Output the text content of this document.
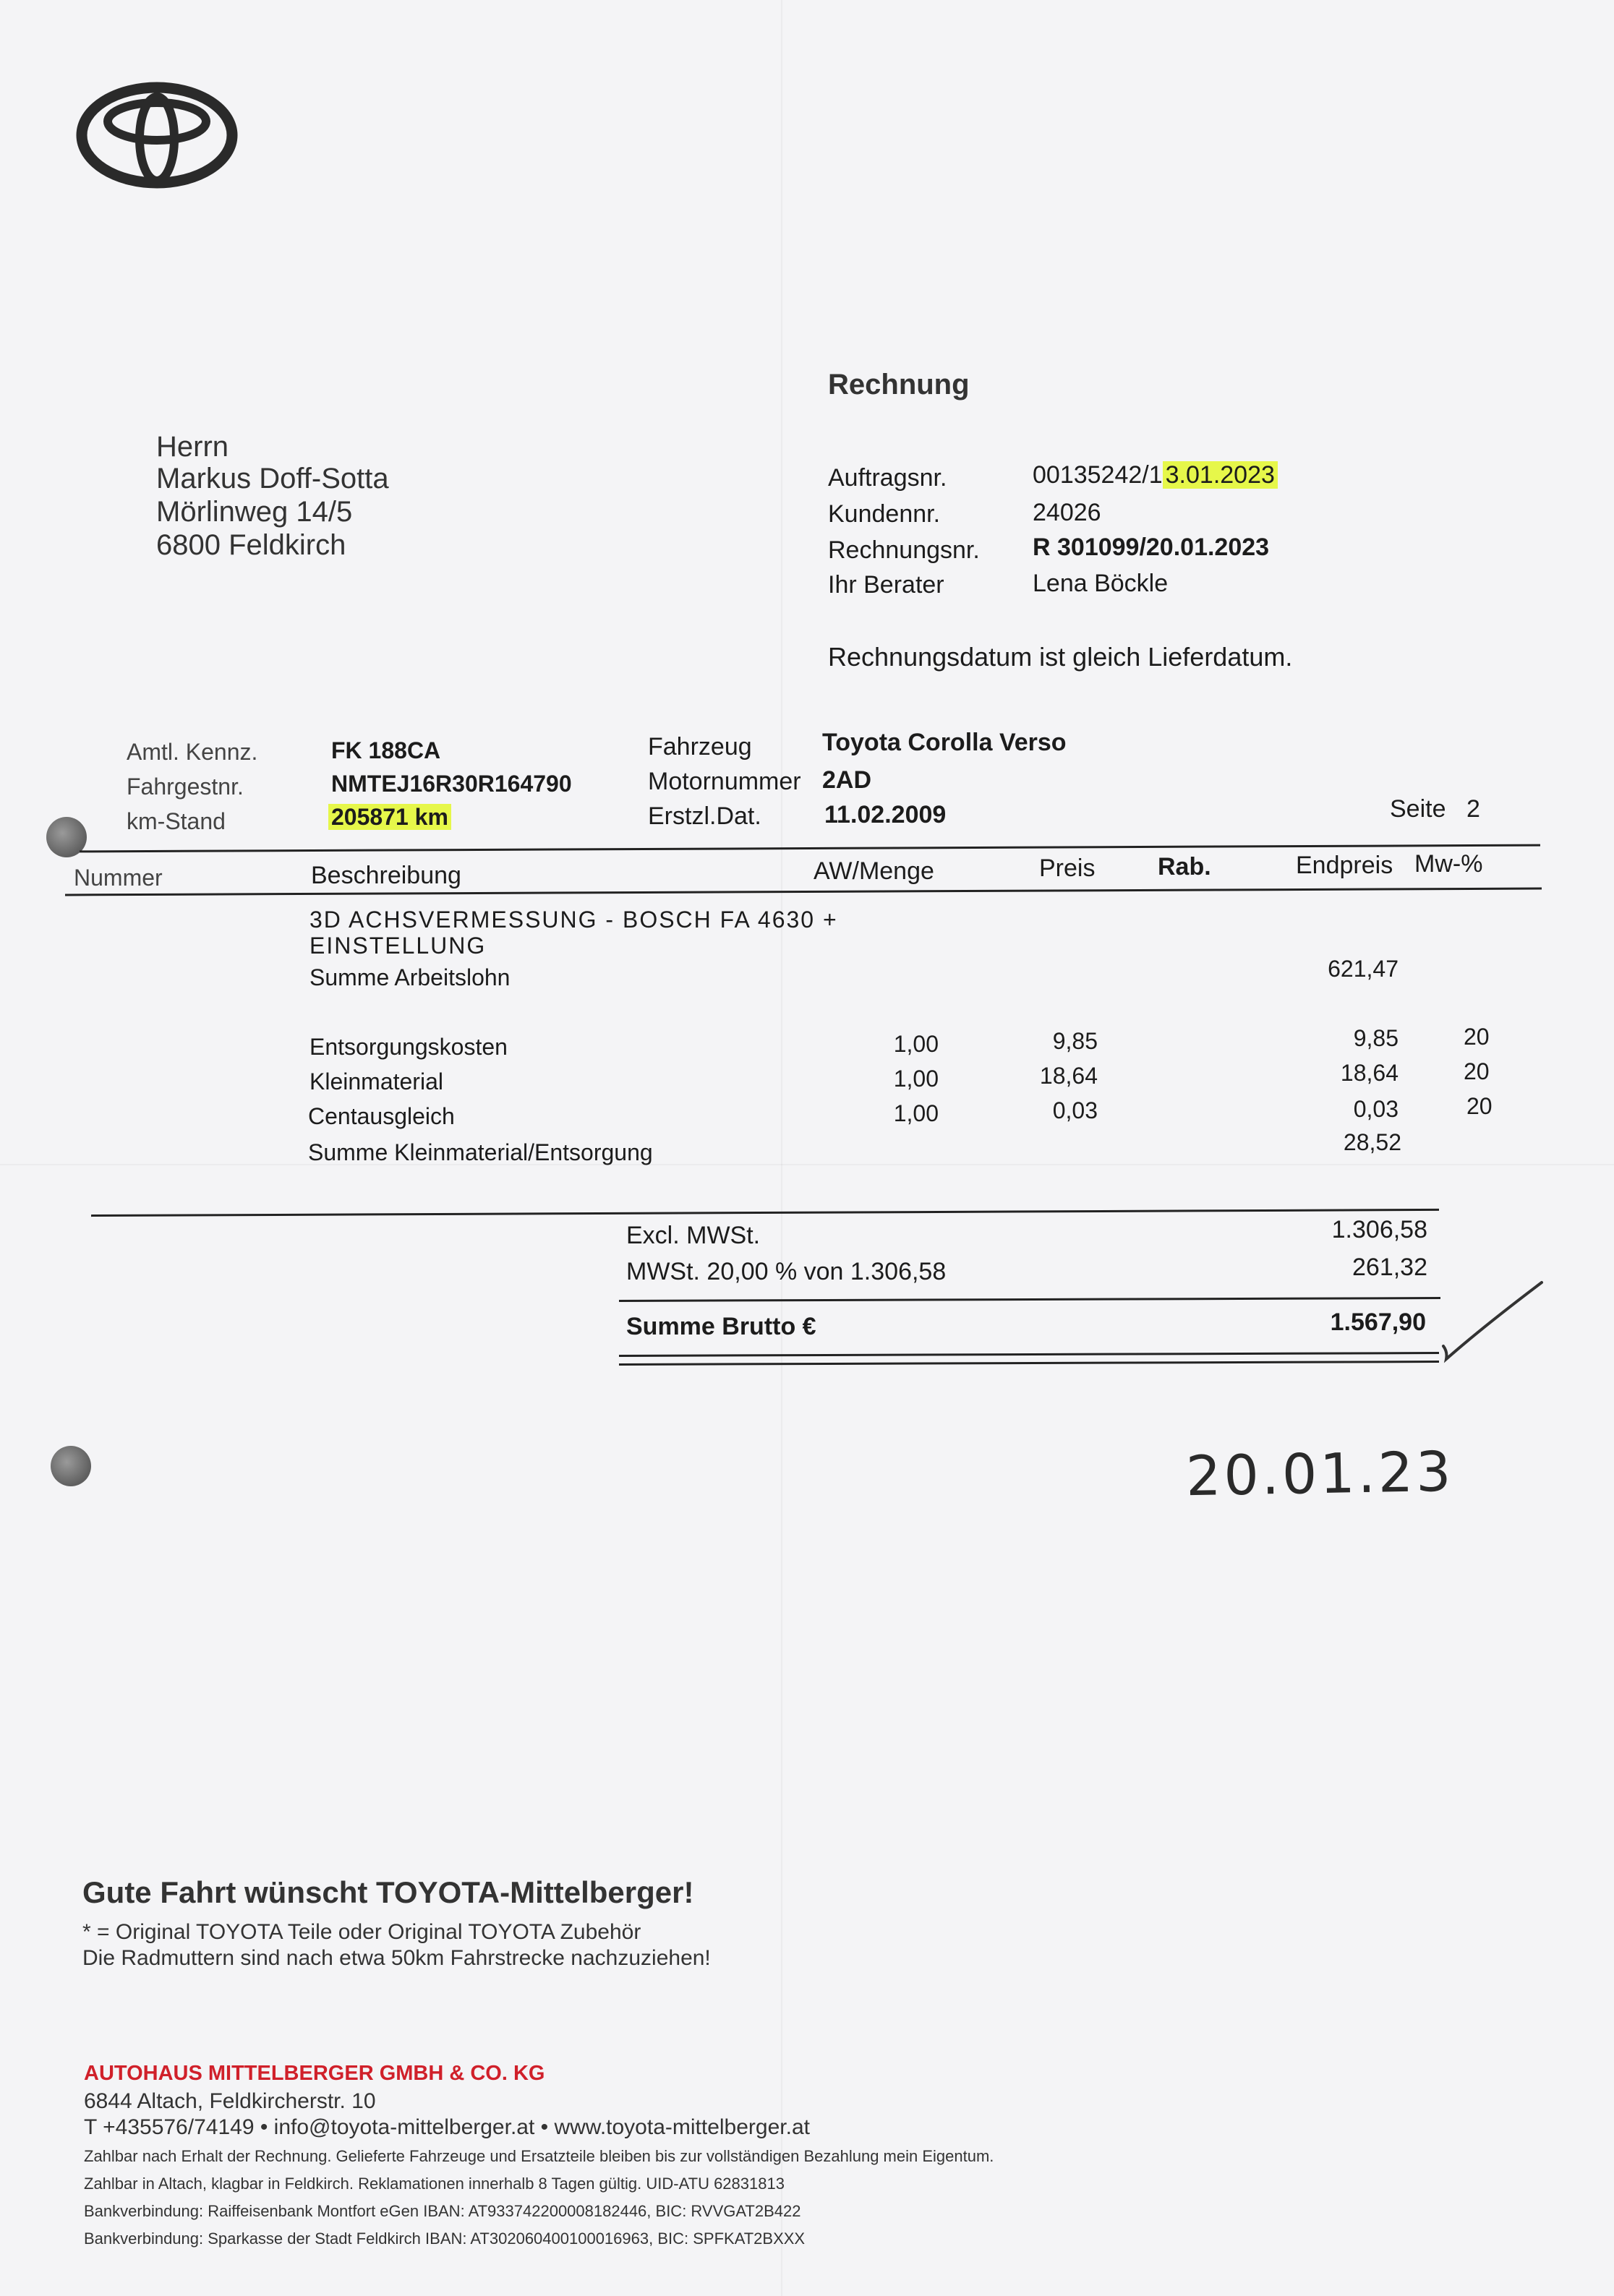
Rechnung
Herrn
Markus Doff-Sotta
Mörlinweg 14/5
6800 Feldkirch
Auftragsnr.	00135242/1 3.01.2023
Kundennr.	24026
Rechnungsnr. R 301099/20.01.2023
Ihr Berater	Lena Böckle
Rechnungsdatum ist gleich Lieferdatum.
Amtl. Kennz.	FK 188CA
Fahrgestnr.	NMTEJ16R30R164790
km-Stand	205871 km
Fahrzeug	Toyota Corolla Verso
Motornummer 2AD
Erstzl.Dat.	11.02.2009	Seite 2
Nummer	Beschreibung	AW/Menge	Preis	Rab.	Endpreis Mw-%
3D ACHSVERMESSUNG - BOSCH FA 4630 +
EINSTELLUNG
Summe Arbeitslohn	621,47
Entsorgungskosten	1,00	9,85	9,85	20
Kleinmaterial	1,00	18,64	18,64	20
Centausgleich	1,00	0,03	0,03	20
Summe Kleinmaterial/Entsorgung	28,52
Excl. MWSt.	1.306,58
MWSt. 20,00 % von 1.306,58	261,32
Summe Brutto €	1.567,90
20.01.23
Gute Fahrt wünscht TOYOTA-Mittelberger!
* = Original TOYOTA Teile oder Original TOYOTA Zubehör
Die Radmuttern sind nach etwa 50km Fahrstrecke nachzuziehen!
AUTOHAUS MITTELBERGER GMBH & CO. KG
6844 Altach, Feldkircherstr. 10
T +435576/74149 • info@toyota-mittelberger.at • www.toyota-mittelberger.at
Zahlbar nach Erhalt der Rechnung. Gelieferte Fahrzeuge und Ersatzteile bleiben bis zur vollständigen Bezahlung mein Eigentum.
Zahlbar in Altach, klagbar in Feldkirch. Reklamationen innerhalb 8 Tagen gültig. UID-ATU 62831813
Bankverbindung: Raiffeisenbank Montfort eGen IBAN: AT933742200008182446, BIC: RVVGAT2B422
Bankverbindung: Sparkasse der Stadt Feldkirch IBAN: AT302060400100016963, BIC: SPFKAT2BXXX
